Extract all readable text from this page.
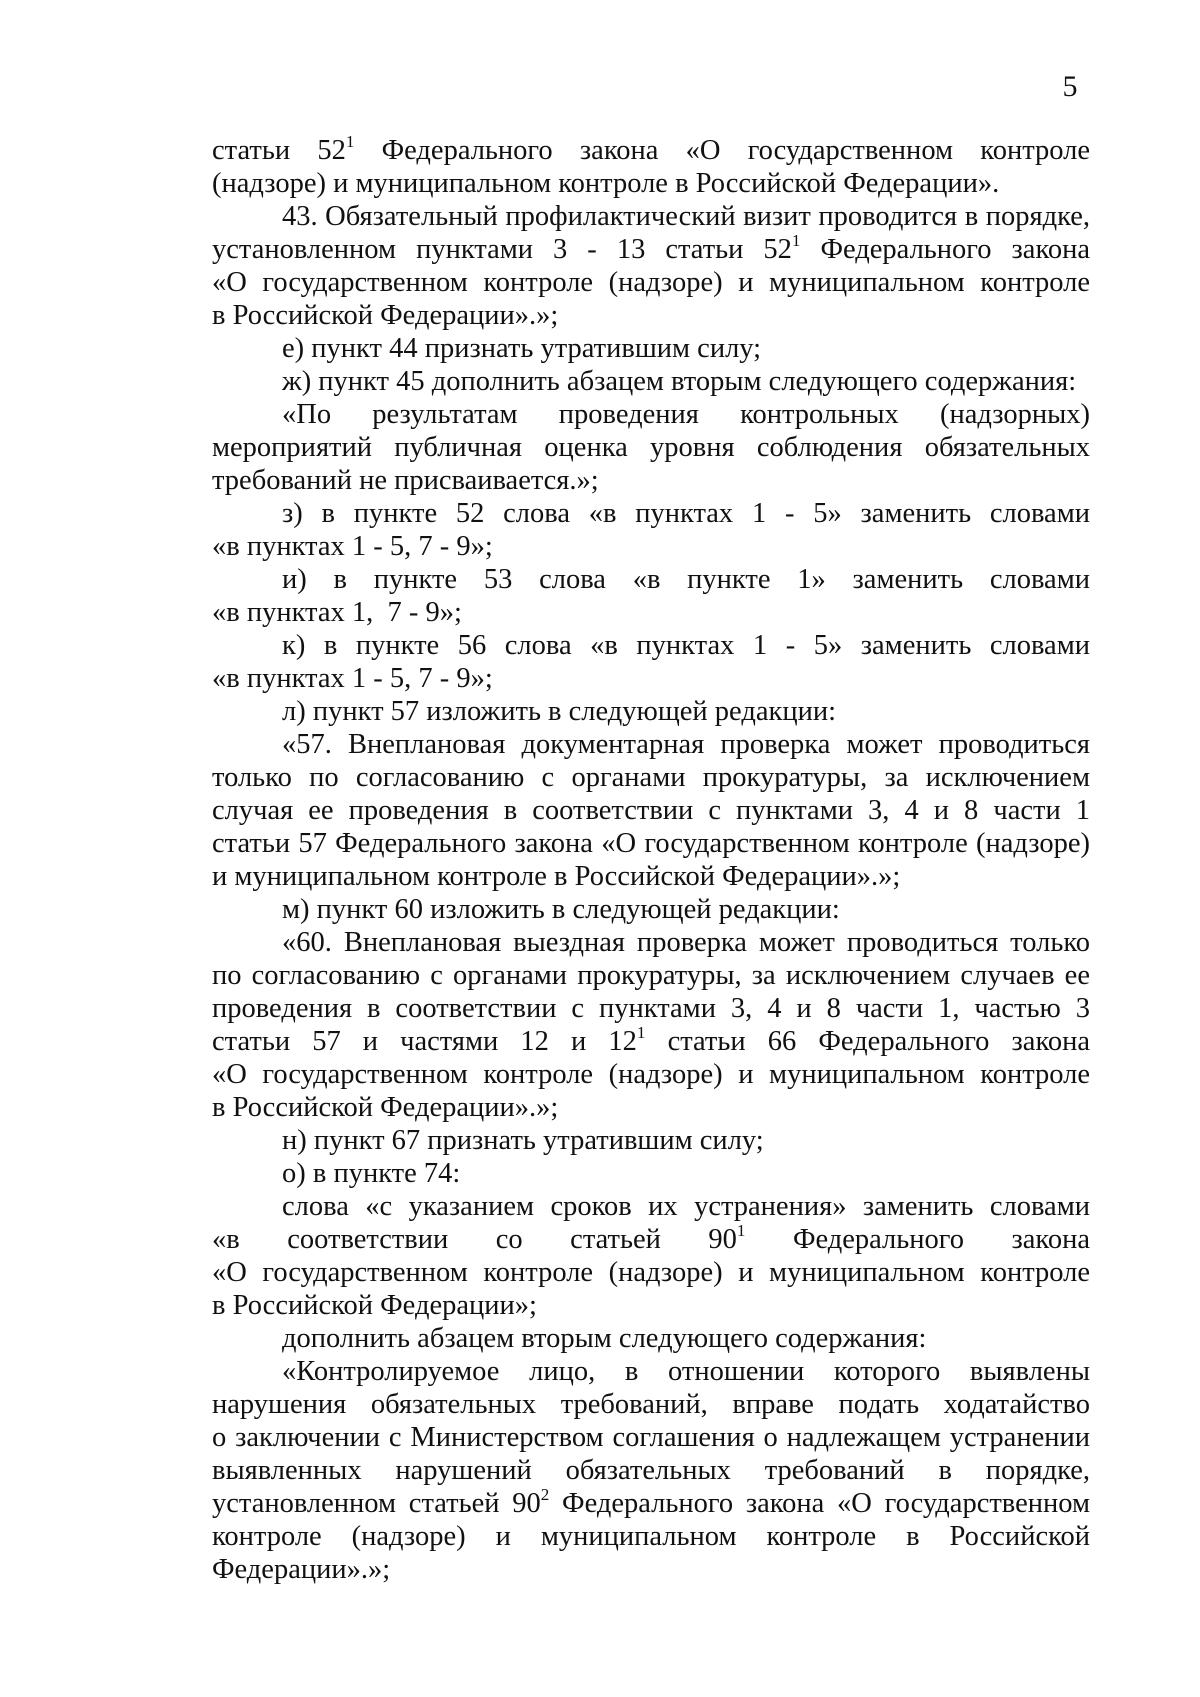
5
статьи $52^1$ Федерального закона «О государственном контроле
(надзоре) и муниципальном контроле в Российской Федерации».
43. Обязательный профилактический визит проводится в порядке,
установленном пунктами 3 - 13 статьи $52^1$ Федерального закона
«О государственном контроле (надзоре) и муниципальном контроле
в Российской Федерации».»;
е) пункт 44 признать утратившим силу;
ж) пункт 45 дополнить абзацем вторым следующего содержания:
«По результатам проведения контрольных (надзорных)
мероприятий публичная оценка уровня соблюдения обязательных
требований не присваивается.»;
з) в пункте 52 слова «в пунктах 1 - 5» заменить словами
«в пунктах 1 - 5, 7 - 9»;
и) в пункте 53 слова «в пункте 1» заменить словами
«в пунктах 1,  7 - 9»;
к) в пункте 56 слова «в пунктах 1 - 5» заменить словами
«в пунктах 1 - 5, 7 - 9»;
л) пункт 57 изложить в следующей редакции:
«57. Внеплановая документарная проверка может проводиться
только по согласованию с органами прокуратуры, за исключением
случая ее проведения в соответствии с пунктами 3, 4 и 8 части 1
статьи 57 Федерального закона «О государственном контроле (надзоре)
и муниципальном контроле в Российской Федерации».»;
м) пункт 60 изложить в следующей редакции:
«60. Внеплановая выездная проверка может проводиться только
по согласованию с органами прокуратуры, за исключением случаев ее
проведения в соответствии с пунктами 3, 4 и 8 части 1, частью 3
статьи 57 и частями 12 и $12^1$ статьи 66 Федерального закона
«О государственном контроле (надзоре) и муниципальном контроле
в Российской Федерации».»;
н) пункт 67 признать утратившим силу;
о) в пункте 74:
слова «с указанием сроков их устранения» заменить словами
«в соответствии со статьей $90^1$ Федерального закона
«О государственном контроле (надзоре) и муниципальном контроле
в Российской Федерации»;
дополнить абзацем вторым следующего содержания:
«Контролируемое лицо, в отношении которого выявлены
нарушения обязательных требований, вправе подать ходатайство
о заключении с Министерством соглашения о надлежащем устранении
выявленных нарушений обязательных требований в порядке,
установленном статьей $90^2$ Федерального закона «О государственном
контроле (надзоре) и муниципальном контроле в Российской
Федерации».»;
